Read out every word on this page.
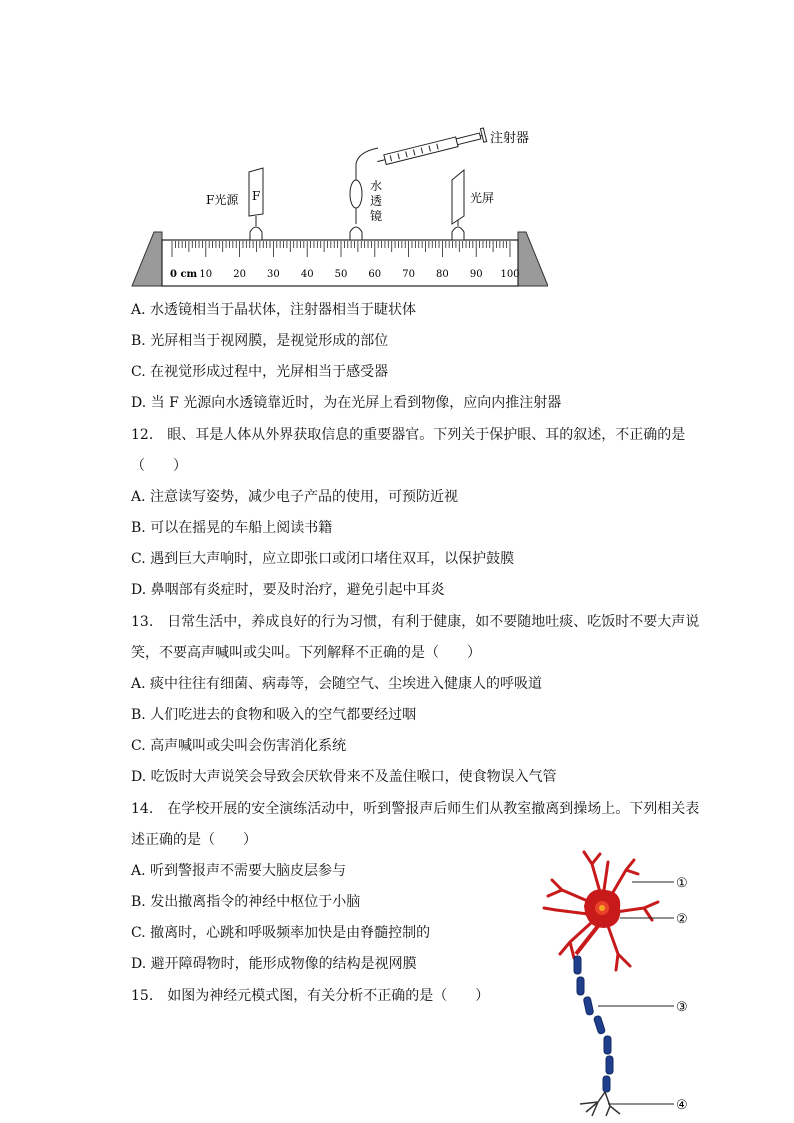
注射器
F光源 F
水
透
镜
光屏
0 cm 10 20 30 40 50 60 70 80 90 100
A. 水透镜相当于晶状体，注射器相当于睫状体
B. 光屏相当于视网膜，是视觉形成的部位
C. 在视觉形成过程中，光屏相当于感受器
D. 当 F 光源向水透镜靠近时，为在光屏上看到物像，应向内推注射器
12.　眼、耳是人体从外界获取信息的重要器官。下列关于保护眼、耳的叙述，不正确的是
（　　）
A. 注意读写姿势，减少电子产品的使用，可预防近视
B. 可以在摇晃的车船上阅读书籍
C. 遇到巨大声响时，应立即张口或闭口堵住双耳，以保护鼓膜
D. 鼻咽部有炎症时，要及时治疗，避免引起中耳炎
13.　日常生活中，养成良好的行为习惯，有利于健康，如不要随地吐痰、吃饭时不要大声说
笑，不要高声喊叫或尖叫。下列解释不正确的是（　　）
A. 痰中往往有细菌、病毒等，会随空气、尘埃进入健康人的呼吸道
B. 人们吃进去的食物和吸入的空气都要经过咽
C. 高声喊叫或尖叫会伤害消化系统
D. 吃饭时大声说笑会导致会厌软骨来不及盖住喉口，使食物误入气管
14.　在学校开展的安全演练活动中，听到警报声后师生们从教室撤离到操场上。下列相关表
述正确的是（　　）
A. 听到警报声不需要大脑皮层参与
B. 发出撤离指令的神经中枢位于小脑
C. 撤离时，心跳和呼吸频率加快是由脊髓控制的
D. 避开障碍物时，能形成物像的结构是视网膜
15.　如图为神经元模式图，有关分析不正确的是（　　）
①
②
③
④
